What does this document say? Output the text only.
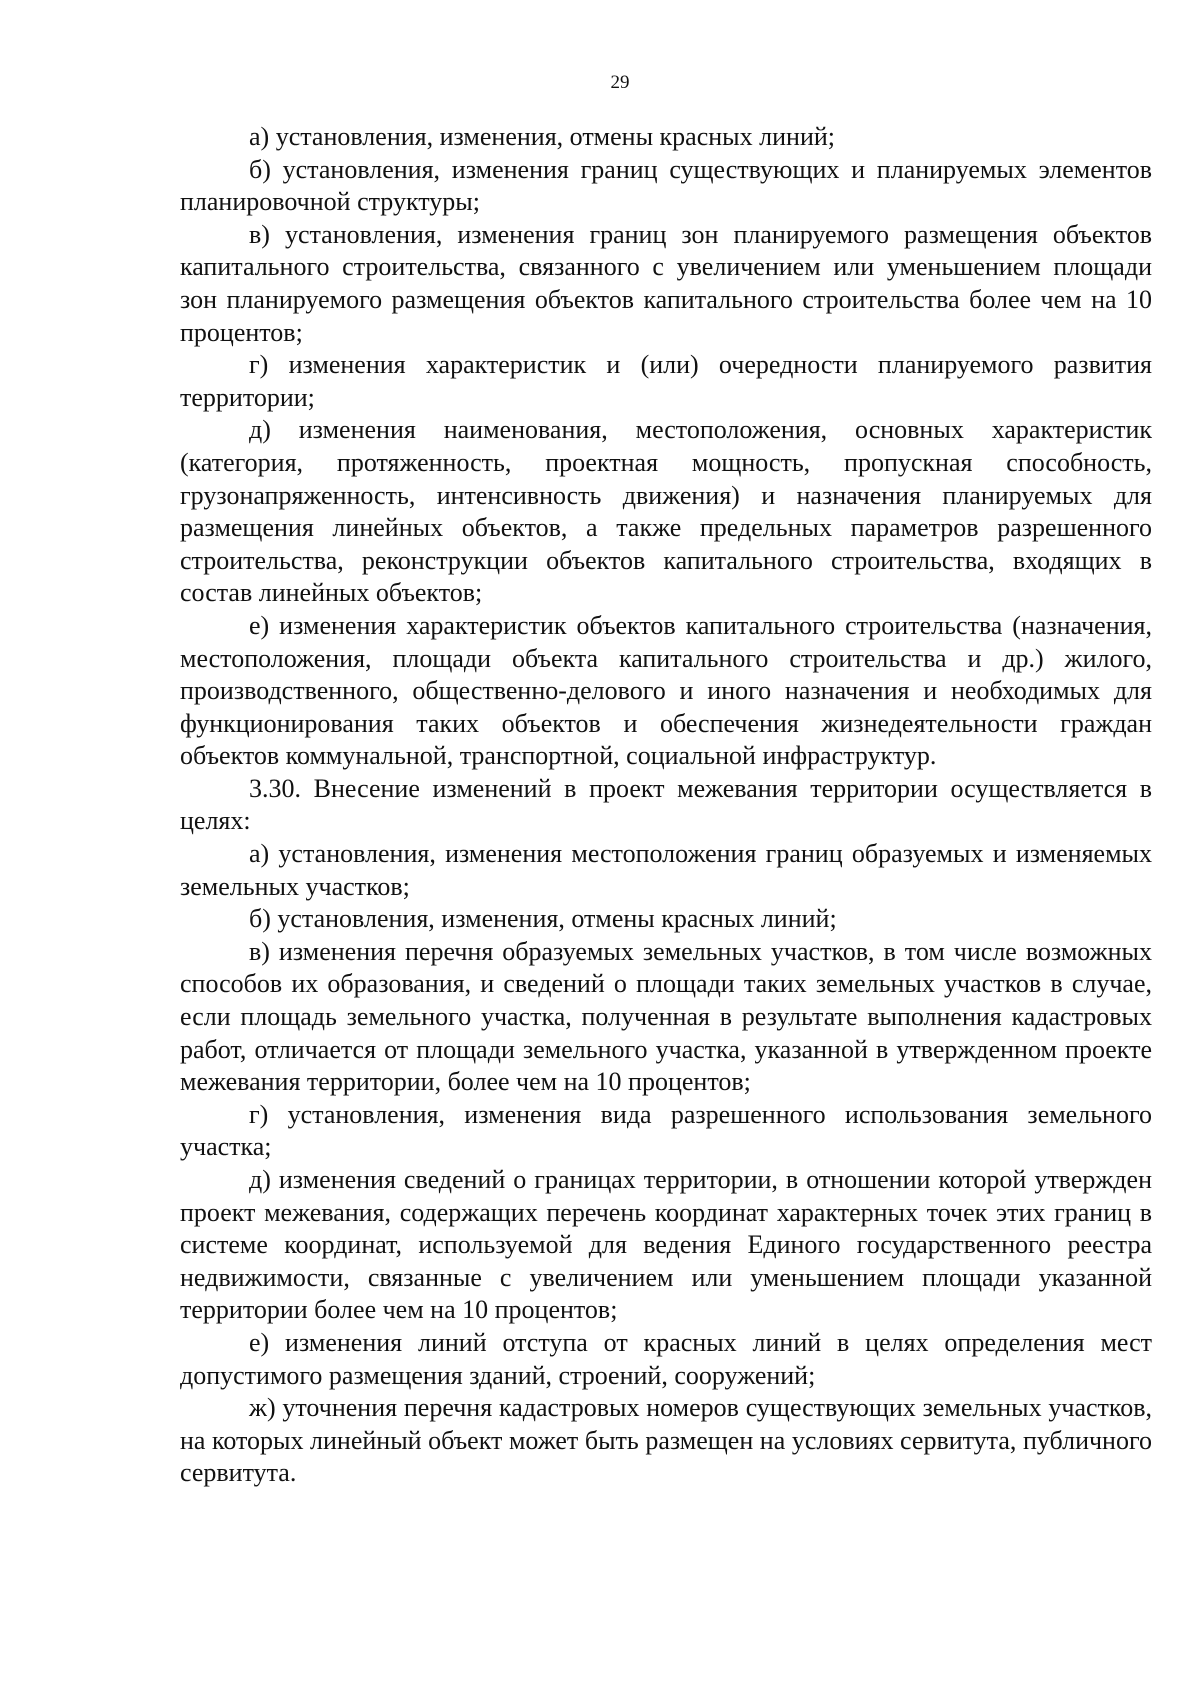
29

а) установления, изменения, отмены красных линий;

б) установления, изменения границ существующих и планируемых элементов планировочной структуры;

в) установления, изменения границ зон планируемого размещения объектов капитального строительства, связанного с увеличением или уменьшением площади зон планируемого размещения объектов капитального строительства более чем на 10 процентов;

г) изменения характеристик и (или) очередности планируемого развития территории;

д) изменения наименования, местоположения, основных характеристик (категория, протяженность, проектная мощность, пропускная способность, грузонапряженность, интенсивность движения) и назначения планируемых для размещения линейных объектов, а также предельных параметров разрешенного строительства, реконструкции объектов капитального строительства, входящих в состав линейных объектов;

е) изменения характеристик объектов капитального строительства (назначения, местоположения, площади объекта капитального строительства и др.) жилого, производственного, общественно-делового и иного назначения и необходимых для функционирования таких объектов и обеспечения жизнедеятельности граждан объектов коммунальной, транспортной, социальной инфраструктур.

3.30. Внесение изменений в проект межевания территории осуществляется в целях:

а) установления, изменения местоположения границ образуемых и изменяемых земельных участков;

б) установления, изменения, отмены красных линий;

в) изменения перечня образуемых земельных участков, в том числе возможных способов их образования, и сведений о площади таких земельных участков в случае, если площадь земельного участка, полученная в результате выполнения кадастровых работ, отличается от площади земельного участка, указанной в утвержденном проекте межевания территории, более чем на 10 процентов;

г) установления, изменения вида разрешенного использования земельного участка;

д) изменения сведений о границах территории, в отношении которой утвержден проект межевания, содержащих перечень координат характерных точек этих границ в системе координат, используемой для ведения Единого государственного реестра недвижимости, связанные с увеличением или уменьшением площади указанной территории более чем на 10 процентов;

е) изменения линий отступа от красных линий в целях определения мест допустимого размещения зданий, строений, сооружений;

ж) уточнения перечня кадастровых номеров существующих земельных участков, на которых линейный объект может быть размещен на условиях сервитута, публичного сервитута.
